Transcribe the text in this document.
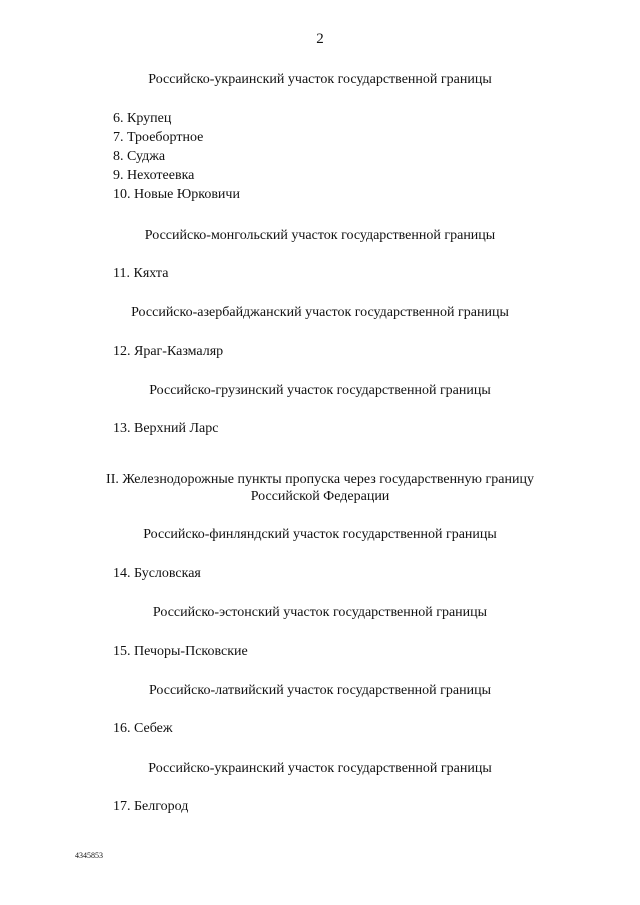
2
Российско-украинский участок государственной границы
6. Крупец
7. Троебортное
8. Суджа
9. Нехотеевка
10. Новые Юрковичи
Российско-монгольский участок государственной границы
11. Кяхта
Российско-азербайджанский участок государственной границы
12. Яраг-Казмаляр
Российско-грузинский участок государственной границы
13. Верхний Ларс
II. Железнодорожные пункты пропуска через государственную границу
Российской Федерации
Российско-финляндский участок государственной границы
14. Бусловская
Российско-эстонский участок государственной границы
15. Печоры-Псковские
Российско-латвийский участок государственной границы
16. Себеж
Российско-украинский участок государственной границы
17. Белгород
4345853
